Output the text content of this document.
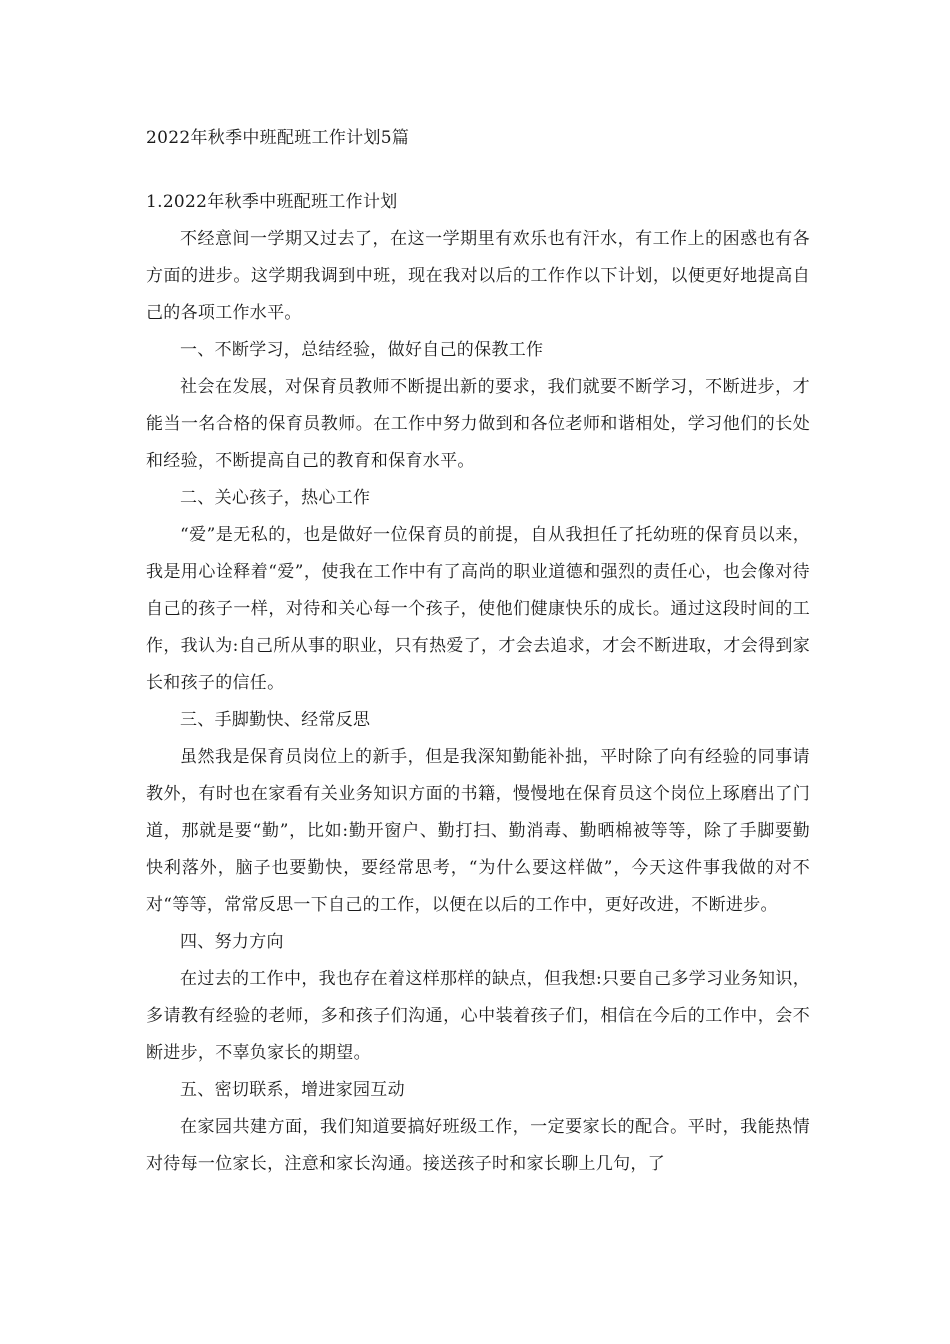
2022年秋季中班配班工作计划5篇
1.2022年秋季中班配班工作计划

不经意间一学期又过去了，在这一学期里有欢乐也有汗水，有工作上的困惑也有各方面的进步。这学期我调到中班，现在我对以后的工作作以下计划，以便更好地提高自己的各项工作水平。

一、不断学习，总结经验，做好自己的保教工作

社会在发展，对保育员教师不断提出新的要求，我们就要不断学习，不断进步，才能当一名合格的保育员教师。在工作中努力做到和各位老师和谐相处，学习他们的长处和经验，不断提高自己的教育和保育水平。

二、关心孩子，热心工作

“爱”是无私的，也是做好一位保育员的前提，自从我担任了托幼班的保育员以来，我是用心诠释着“爱”，使我在工作中有了高尚的职业道德和强烈的责任心，也会像对待自己的孩子一样，对待和关心每一个孩子，使他们健康快乐的成长。通过这段时间的工作，我认为:自己所从事的职业，只有热爱了，才会去追求，才会不断进取，才会得到家长和孩子的信任。

三、手脚勤快、经常反思

虽然我是保育员岗位上的新手，但是我深知勤能补拙，平时除了向有经验的同事请教外，有时也在家看有关业务知识方面的书籍，慢慢地在保育员这个岗位上琢磨出了门道，那就是要“勤”，比如:勤开窗户、勤打扫、勤消毒、勤晒棉被等等，除了手脚要勤快利落外，脑子也要勤快，要经常思考，“为什么要这样做”，今天这件事我做的对不对“等等，常常反思一下自己的工作，以便在以后的工作中，更好改进，不断进步。

四、努力方向

在过去的工作中，我也存在着这样那样的缺点，但我想:只要自己多学习业务知识，多请教有经验的老师，多和孩子们沟通，心中装着孩子们，相信在今后的工作中，会不断进步，不辜负家长的期望。

五、密切联系，增进家园互动

在家园共建方面，我们知道要搞好班级工作，一定要家长的配合。平时，我能热情对待每一位家长，注意和家长沟通。接送孩子时和家长聊上几句，了
